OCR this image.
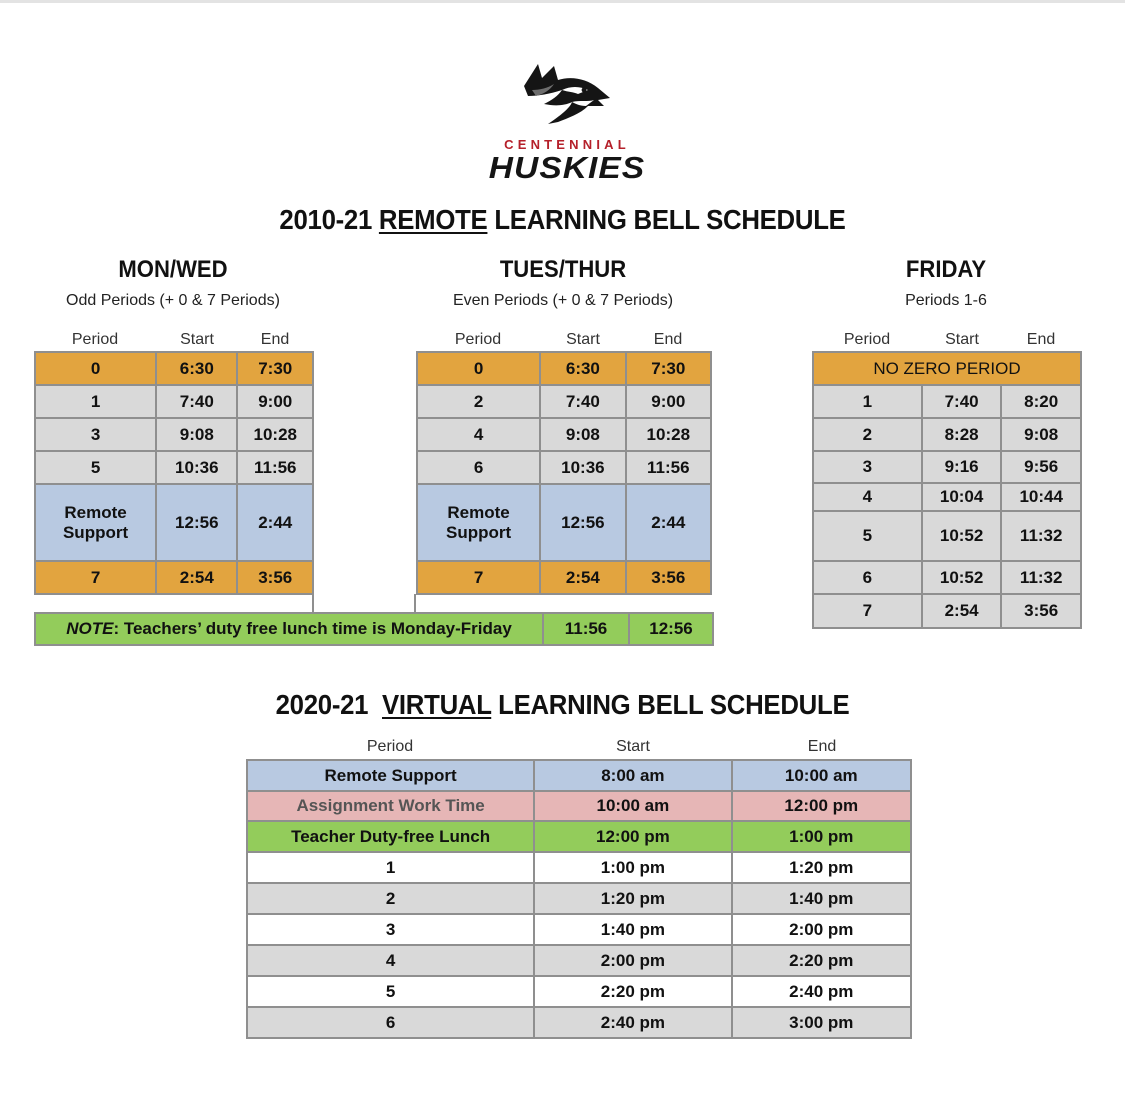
CENTENNIAL
HUSKIES
2010-21 REMOTE LEARNING BELL SCHEDULE
MON/WED
Odd Periods (+ 0 & 7 Periods)
Period	Start	End
0	6:30	7:30
1	7:40	9:00
3	9:08	10:28
5	10:36	11:56
Remote
Support	12:56	2:44
7	2:54	3:56
TUES/THUR
Even Periods (+ 0 & 7 Periods)
Period	Start	End
0	6:30	7:30
2	7:40	9:00
4	9:08	10:28
6	10:36	11:56
Remote
Support	12:56	2:44
7	2:54	3:56
NOTE: Teachers’ duty free lunch time is Monday-Friday	11:56	12:56
FRIDAY
Periods 1-6
Period	Start	End
NO ZERO PERIOD		
1	7:40	8:20
2	8:28	9:08
3	9:16	9:56
4	10:04	10:44
5	10:52	11:32
6	10:52	11:32
7	2:54	3:56
2020-21  VIRTUAL LEARNING BELL SCHEDULE
Period	Start	End
Remote Support	8:00 am	10:00 am
Assignment Work Time	10:00 am	12:00 pm
Teacher Duty-free Lunch	12:00 pm	1:00 pm
1	1:00 pm	1:20 pm
2	1:20 pm	1:40 pm
3	1:40 pm	2:00 pm
4	2:00 pm	2:20 pm
5	2:20 pm	2:40 pm
6	2:40 pm	3:00 pm
